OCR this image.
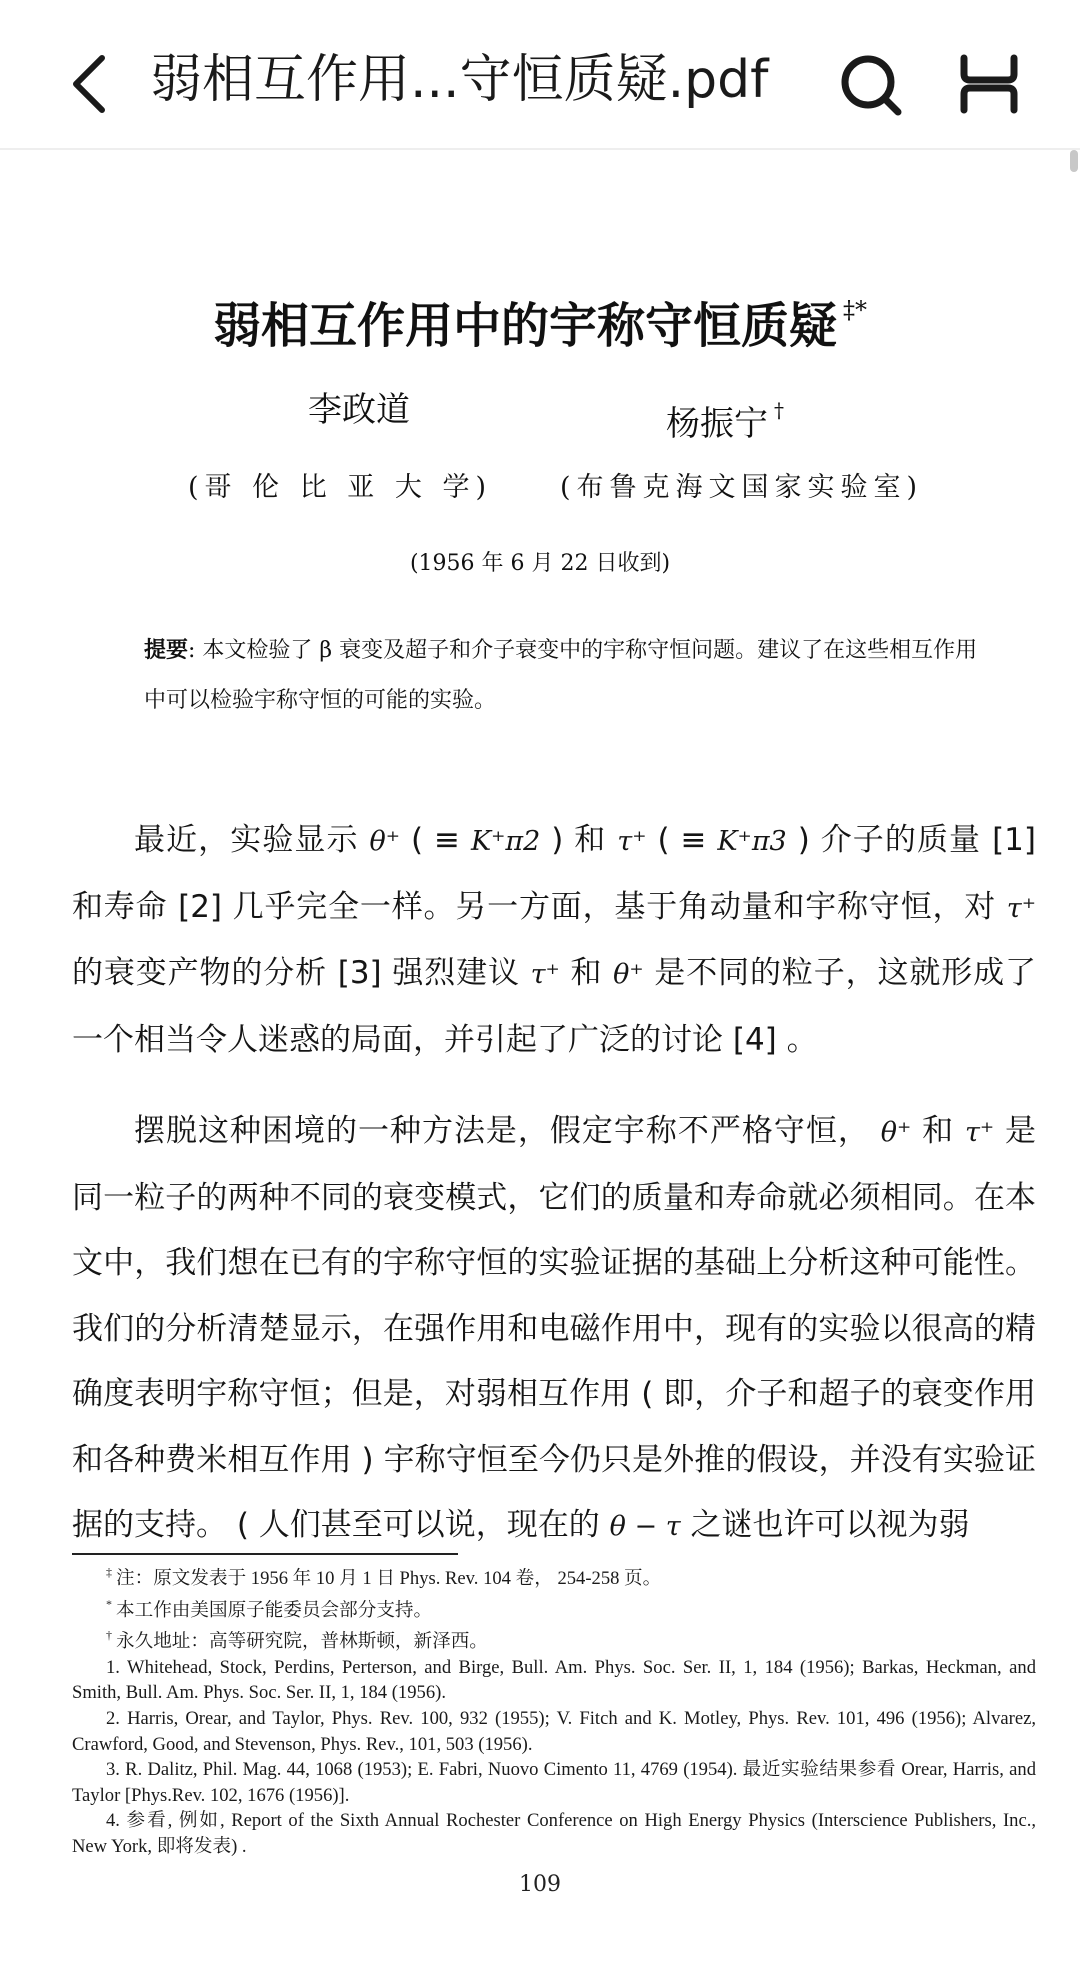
弱相互作用...守恒质疑.pdf
弱相互作用中的宇称守恒质疑 ‡*
李政道	杨振宁 †
(哥 伦 比 亚 大 学)	(布鲁克海文国家实验室)
(1956 年 6 月 22 日收到)
提要: 本文检验了 β 衰变及超子和介子衰变中的宇称守恒问题。建议了在这些相互作用中可以检验宇称守恒的可能的实验。
最近，实验显示 θ⁺ ( ≡ K⁺π2 ) 和 τ⁺ ( ≡ K⁺π3 ) 介子的质量 [1] 和寿命 [2] 几乎完全一样。另一方面，基于角动量和宇称守恒，对 τ⁺ 的衰变产物的分析 [3] 强烈建议 τ⁺ 和 θ⁺ 是不同的粒子，这就形成了一个相当令人迷惑的局面，并引起了广泛的讨论 [4] 。
摆脱这种困境的一种方法是，假定宇称不严格守恒， θ⁺ 和 τ⁺ 是同一粒子的两种不同的衰变模式，它们的质量和寿命就必须相同。在本文中，我们想在已有的宇称守恒的实验证据的基础上分析这种可能性。我们的分析清楚显示，在强作用和电磁作用中，现有的实验以很高的精确度表明宇称守恒；但是，对弱相互作用 ( 即，介子和超子的衰变作用和各种费米相互作用 ) 宇称守恒至今仍只是外推的假设，并没有实验证据的支持。 ( 人们甚至可以说，现在的 θ − τ 之谜也许可以视为弱

‡ 注：原文发表于 1956 年 10 月 1 日 Phys. Rev. 104 卷， 254-258 页。

* 本工作由美国原子能委员会部分支持。

† 永久地址：高等研究院，普林斯顿，新泽西。

1. Whitehead, Stock, Perdins, Perterson, and Birge, Bull. Am. Phys. Soc. Ser. II, 1, 184 (1956); Barkas, Heckman, and Smith, Bull. Am. Phys. Soc. Ser. II, 1, 184 (1956).

2. Harris, Orear, and Taylor, Phys. Rev. 100, 932 (1955); V. Fitch and K. Motley, Phys. Rev. 101, 496 (1956); Alvarez, Crawford, Good, and Stevenson, Phys. Rev., 101, 503 (1956).

3. R. Dalitz, Phil. Mag. 44, 1068 (1953); E. Fabri, Nuovo Cimento 11, 4769 (1954). 最近实验结果参看 Orear, Harris, and Taylor [Phys.Rev. 102, 1676 (1956)].

4. 参看, 例如, Report of the Sixth Annual Rochester Conference on High Energy Physics (Interscience Publishers, Inc., New York, 即将发表) .

109
